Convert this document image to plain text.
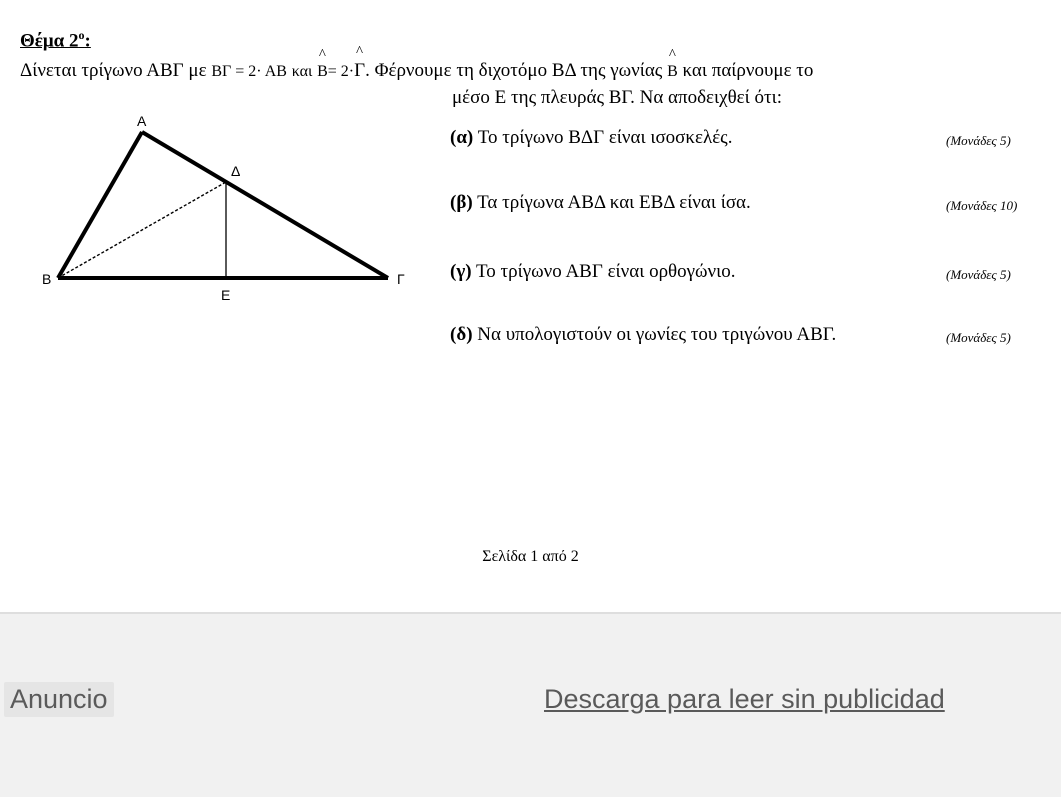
Θέμα $2^o$:
Δίνεται τρίγωνο ΑΒΓ με ΒΓ = 2· ΑΒ και ^ Β= 2·^ Γ. Φέρνουμε τη διχοτόμο ΒΔ της γωνίας ^ Β και παίρνουμε το
μέσο Ε της πλευράς ΒΓ. Να αποδειχθεί ότι:
Α
Β	Γ
Δ
Ε
(α) Το τρίγωνο ΒΔΓ είναι ισοσκελές.	(Μονάδες 5)
(β) Τα τρίγωνα ΑΒΔ και ΕΒΔ είναι ίσα.	(Μονάδες 10)
(γ) Το τρίγωνο ΑΒΓ είναι ορθογώνιο.	(Μονάδες 5)
(δ) Να υπολογιστούν οι γωνίες του τριγώνου ΑΒΓ.	(Μονάδες 5)
Σελίδα 1 από 2
Anuncio	Descarga para leer sin publicidad
